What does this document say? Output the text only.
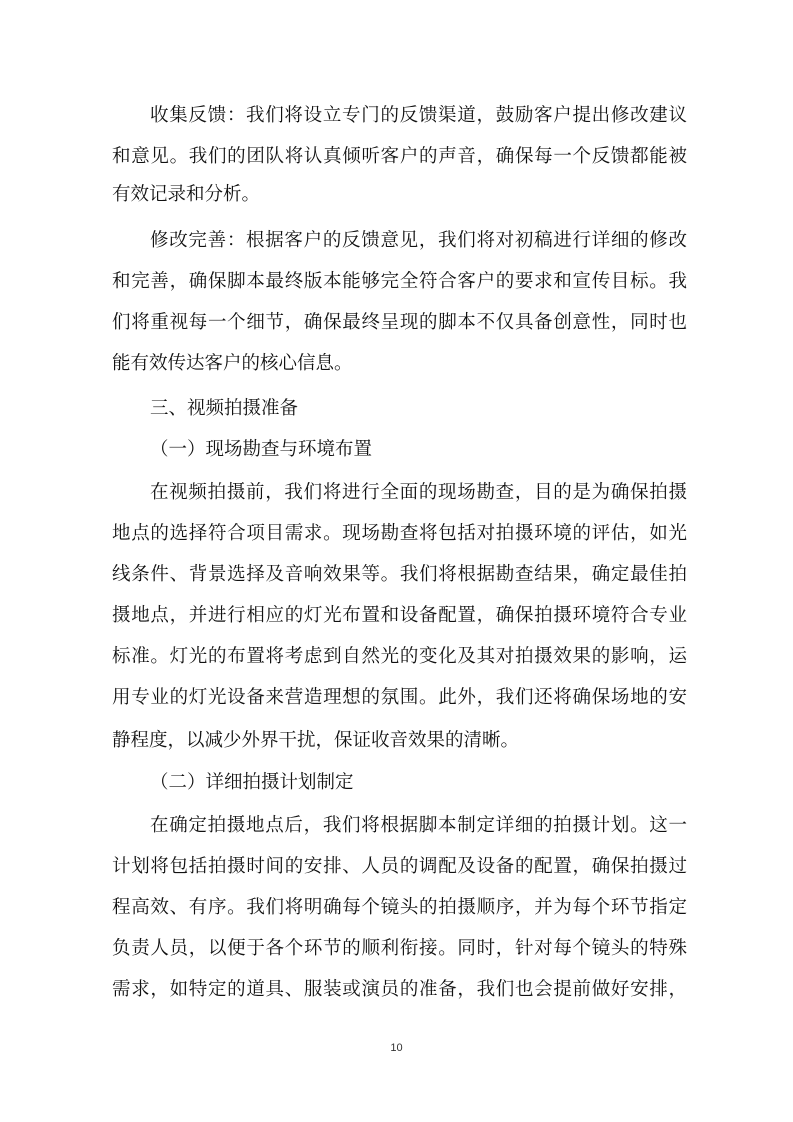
收集反馈：我们将设立专门的反馈渠道，鼓励客户提出修改建议
和意见。我们的团队将认真倾听客户的声音，确保每一个反馈都能被
有效记录和分析。
修改完善：根据客户的反馈意见，我们将对初稿进行详细的修改
和完善，确保脚本最终版本能够完全符合客户的要求和宣传目标。我
们将重视每一个细节，确保最终呈现的脚本不仅具备创意性，同时也
能有效传达客户的核心信息。
三、视频拍摄准备
（一）现场勘查与环境布置
在视频拍摄前，我们将进行全面的现场勘查，目的是为确保拍摄
地点的选择符合项目需求。现场勘查将包括对拍摄环境的评估，如光
线条件、背景选择及音响效果等。我们将根据勘查结果，确定最佳拍
摄地点，并进行相应的灯光布置和设备配置，确保拍摄环境符合专业
标准。灯光的布置将考虑到自然光的变化及其对拍摄效果的影响，运
用专业的灯光设备来营造理想的氛围。此外，我们还将确保场地的安
静程度，以减少外界干扰，保证收音效果的清晰。
（二）详细拍摄计划制定
在确定拍摄地点后，我们将根据脚本制定详细的拍摄计划。这一
计划将包括拍摄时间的安排、人员的调配及设备的配置，确保拍摄过
程高效、有序。我们将明确每个镜头的拍摄顺序，并为每个环节指定
负责人员，以便于各个环节的顺利衔接。同时，针对每个镜头的特殊
需求，如特定的道具、服装或演员的准备，我们也会提前做好安排，
10
